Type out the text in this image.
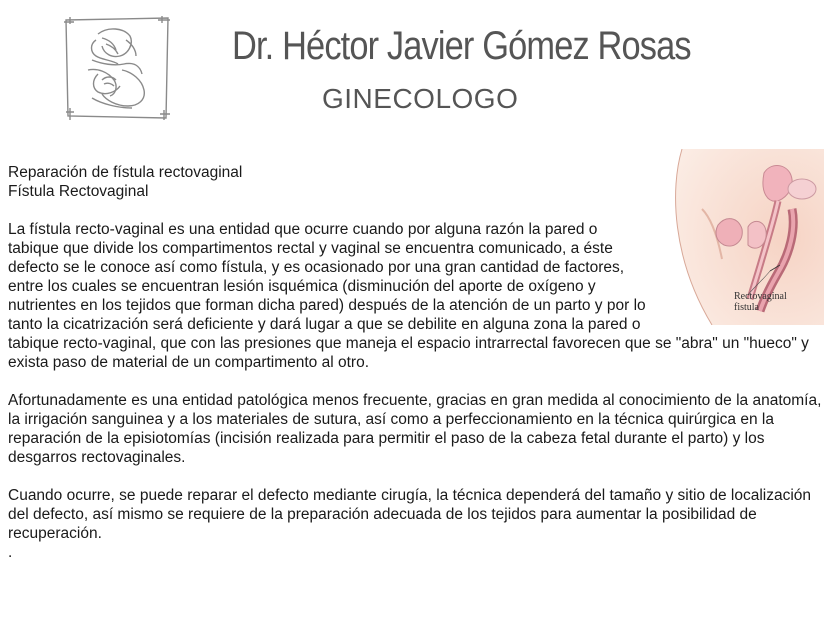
Dr. Héctor Javier Gómez Rosas
GINECOLOGO
Rectovaginal
fistula
Reparación de fístula rectovaginal
Fístula Rectovaginal

La fístula recto-vaginal es una entidad que ocurre cuando por alguna razón la pared o tabique que divide los compartimentos rectal y vaginal se encuentra comunicado, a éste defecto se le conoce así como fístula, y es ocasionado por una gran cantidad de factores, entre los cuales se encuentran lesión isquémica (disminución del aporte de oxígeno y nutrientes en los tejidos que forman dicha pared) después de la atención de un parto y por lo tanto la cicatrización será deficiente y dará lugar a que se debilite en alguna zona la pared o tabique recto-vaginal, que con las presiones que maneja el espacio intrarrectal favorecen que se "abra" un "hueco" y exista paso de material de un compartimento al otro.

Afortunadamente es una entidad patológica menos frecuente, gracias en gran medida al conocimiento de la anatomía, la irrigación sanguinea y a los materiales de sutura, así como a perfeccionamiento en la técnica quirúrgica en la reparación de la episiotomías (incisión realizada para permitir el paso de la cabeza fetal durante el parto) y los desgarros rectovaginales.

Cuando ocurre, se puede reparar el defecto mediante cirugía, la técnica dependerá del tamaño y sitio de localización del defecto, así mismo se requiere de la preparación adecuada de los tejidos para aumentar la posibilidad de recuperación.

.
